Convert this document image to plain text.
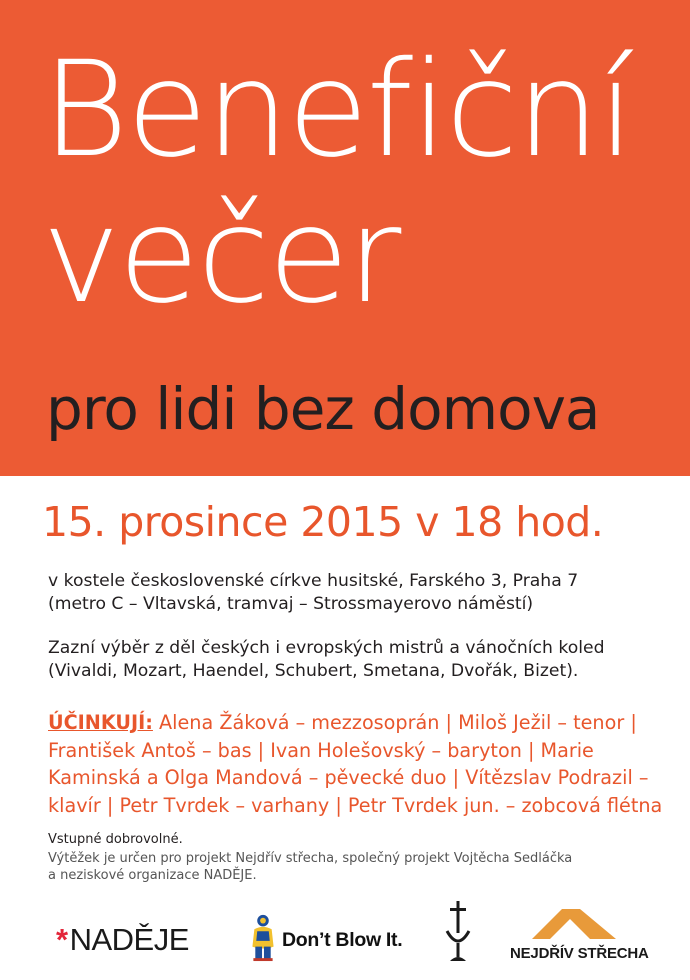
Benefiční
večer
pro lidi bez domova
15. prosince 2015 v 18 hod.
v kostele československé církve husitské, Farského 3, Praha 7
(metro C – Vltavská, tramvaj – Strossmayerovo náměstí)
Zazní výběr z děl českých i evropských mistrů a vánočních koled
(Vivaldi, Mozart, Haendel, Schubert, Smetana, Dvořák, Bizet).
ÚČINKUJÍ: Alena Žáková – mezzosoprán | Miloš Ježil – tenor |
František Antoš – bas | Ivan Holešovský – baryton | Marie
Kaminská a Olga Mandová – pěvecké duo | Vítězslav Podrazil –
klavír | Petr Tvrdek – varhany | Petr Tvrdek jun. – zobcová flétna
Vstupné dobrovolné.
Výtěžek je určen pro projekt Nejdřív střecha, společný projekt Vojtěcha Sedláčka
a neziskové organizace NADĚJE.
*NADĚJE	Don’t Blow It.
NEJDŘÍV STŘECHA
